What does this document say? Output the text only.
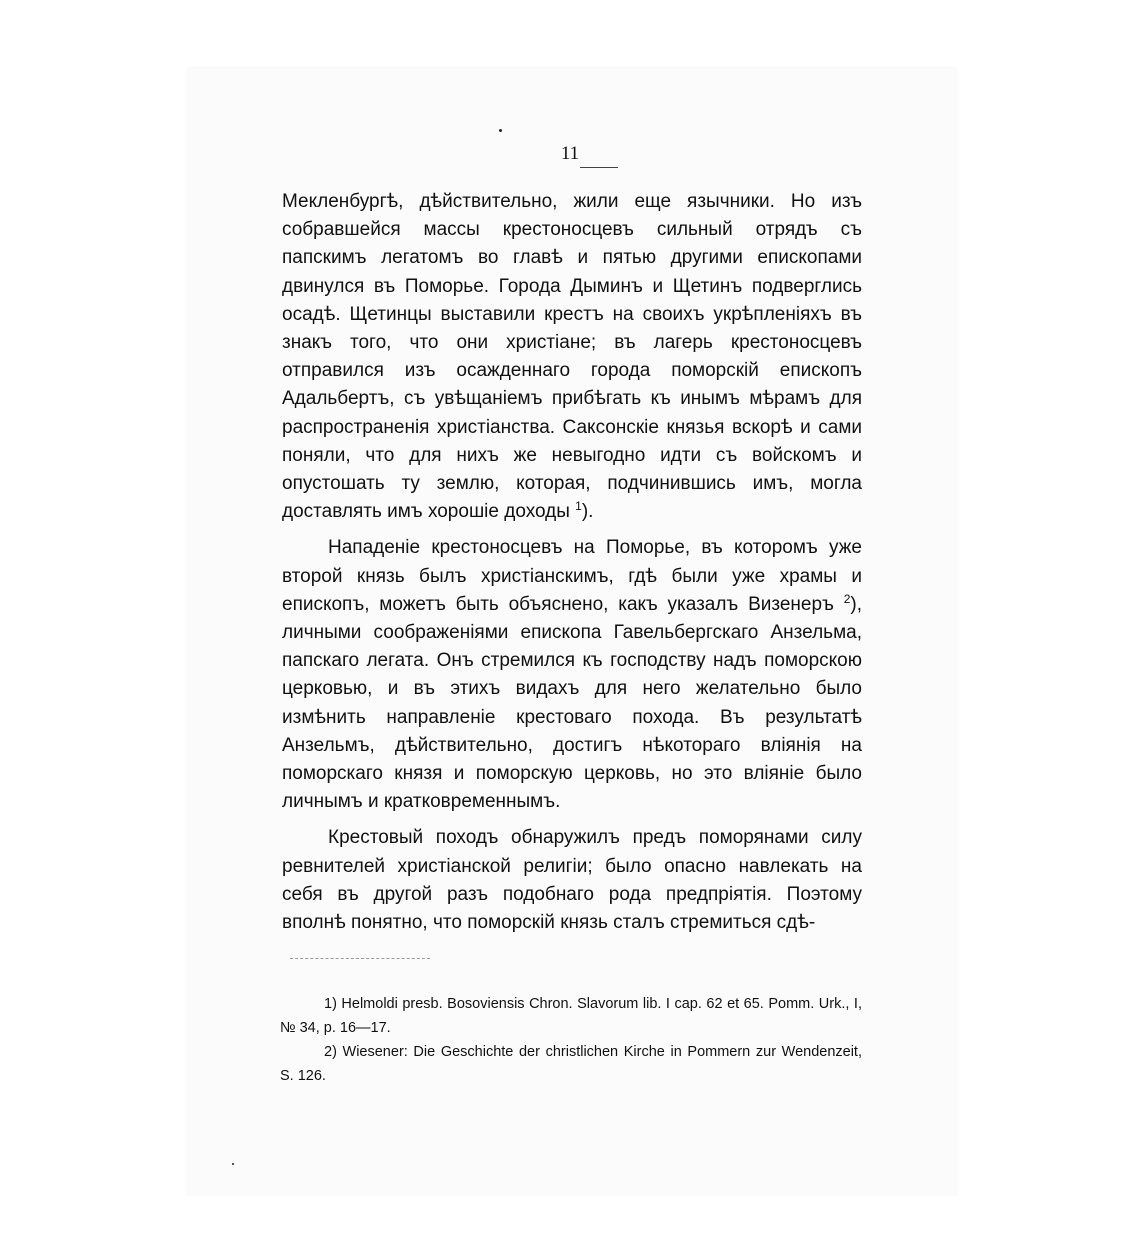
11

Мекленбургѣ, дѣйствительно, жили еще язычники. Но изъ собравшейся массы крестоносцевъ сильный отрядъ съ папскимъ легатомъ во главѣ и пятью другими епископами двинулся въ Поморье. Города Дыминъ и Щетинъ подверглись осадѣ. Щетинцы выставили крестъ на своихъ укрѣпленіяхъ въ знакъ того, что они христіане; въ лагерь крестоносцевъ отправился изъ осажденнаго города поморскій епископъ Адальбертъ, съ увѣщаніемъ прибѣгать къ инымъ мѣрамъ для распространенія христіанства. Саксонскіе князья вскорѣ и сами поняли, что для нихъ же невыгодно идти съ войскомъ и опустошать ту землю, которая, подчинившись имъ, могла доставлять имъ хорошіе доходы $^1$).

Нападеніе крестоносцевъ на Поморье, въ которомъ уже второй князь былъ христіанскимъ, гдѣ были уже храмы и епископъ, можетъ быть объяснено, какъ указалъ Визенеръ $^2$), личными соображеніями епископа Гавельбергскаго Анзельма, папскаго легата. Онъ стремился къ господству надъ поморскою церковью, и въ этихъ видахъ для него желательно было измѣнить направленіе крестоваго похода. Въ результатѣ Анзельмъ, дѣйствительно, достигъ нѣкотораго вліянія на поморскаго князя и поморскую церковь, но это вліяніе было личнымъ и кратковременнымъ.

Крестовый походъ обнаружилъ предъ поморянами силу ревнителей христіанской религіи; было опасно навлекать на себя въ другой разъ подобнаго рода предпріятія. Поэтому вполнѣ понятно, что поморскій князь сталъ стремиться сдѣ-

1) Helmoldi presb. Bosoviensis Chron. Slavorum lib. I cap. 62 et 65. Pomm. Urk., I, № 34, p. 16—17.

2) Wiesener: Die Geschichte der christlichen Kirche in Pommern zur Wendenzeit, S. 126.
